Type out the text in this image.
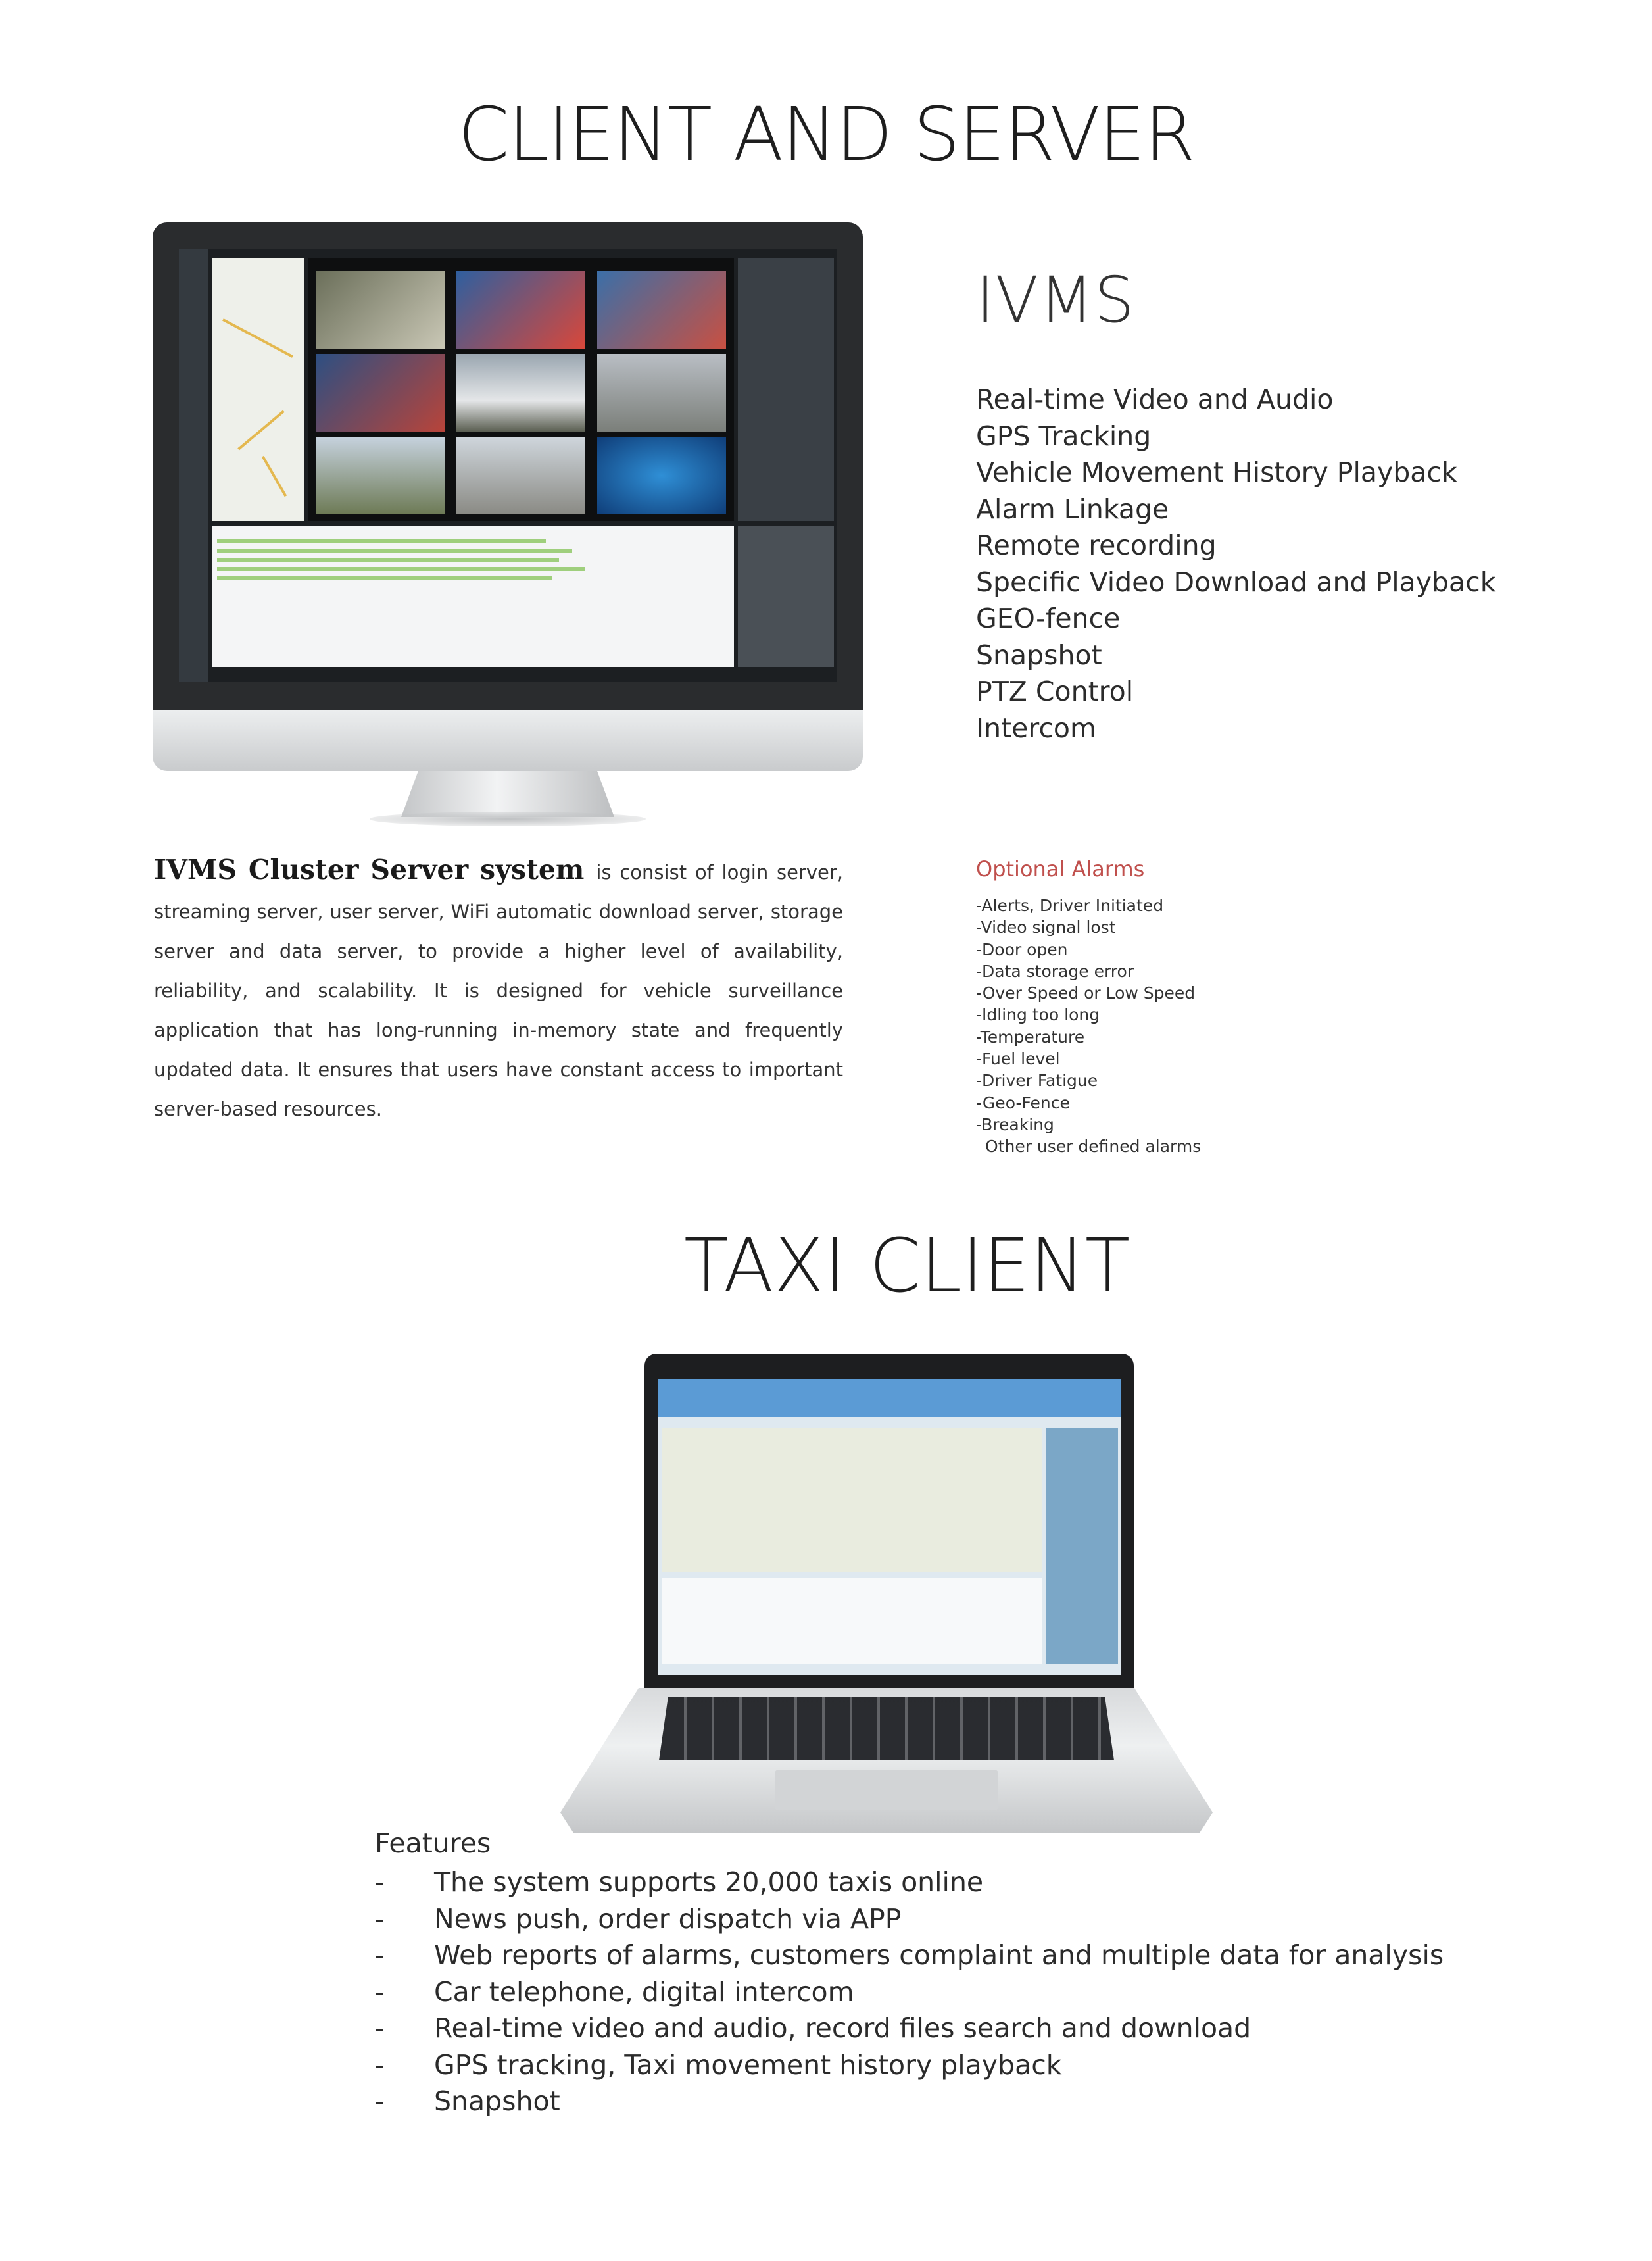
CLIENT AND SERVER
IVMS
Real-time Video and Audio
GPS Tracking
Vehicle Movement History Playback
Alarm Linkage
Remote recording
Specific Video Download and Playback
GEO-fence
Snapshot
PTZ Control
Intercom
IVMS Cluster Server system is consist of login server, streaming server, user server, WiFi automatic download server, storage server and data server, to provide a higher level of availability, reliability, and scalability. It is designed for vehicle surveillance application that has long-running in-memory state and frequently updated data. It ensures that users have constant access to important server-based resources.
Optional Alarms
-Alerts, Driver Initiated
-Video signal lost
-Door open
-Data storage error
-Over Speed or Low Speed
-Idling too long
-Temperature
-Fuel level
-Driver Fatigue
-Geo-Fence
-Breaking
Other user defined alarms
TAXI CLIENT
Features
- The system supports 20,000 taxis online
- News push, order dispatch via APP
- Web reports of alarms, customers complaint and multiple data for analysis
- Car telephone, digital intercom
- Real-time video and audio, record files search and download
- GPS tracking, Taxi movement history playback
- Snapshot
